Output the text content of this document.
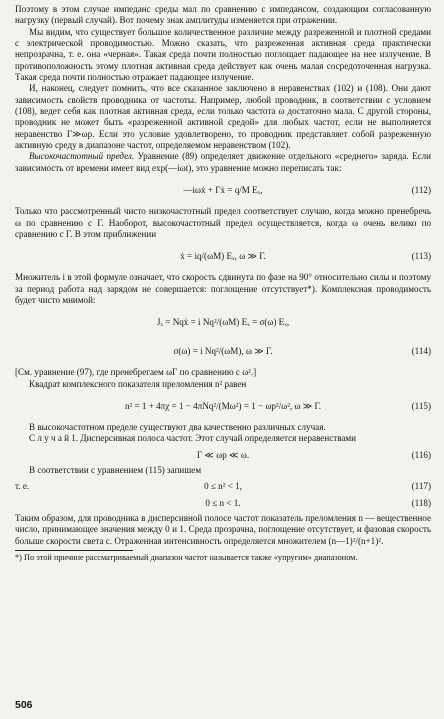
Поэтому в этом случае импеданс среды мал по сравнению с импедансом, создающим согласованную нагрузку (первый случай). Вот почему знак амплитуды изменяется при отражении.

Мы видим, что существует большое количественное различие между разреженной и плотной средами с электрической проводимостью. Можно сказать, что разреженная активная среда практически непрозрачна, т. е. она «черная». Такая среда почти полностью поглощает падающее на нее излучение. В противоположность этому плотная активная среда действует как очень малая сосредоточенная нагрузка. Такая среда почти полностью отражает падающее излучение.

И, наконец, следует помнить, что все сказанное заключено в неравенствах (102) и (108). Они дают зависимость свойств проводника от частоты. Например, любой проводник, в соответствии с условием (108), ведет себя как плотная активная среда, если только частота ω достаточно мала. С другой стороны, проводник не может быть «разреженной активной средой» для любых частот, если не выполняется неравенство Г≫ωp. Если это условие удовлетворено, то проводник представляет собой разреженную активную среду в диапазоне частот, определяемом неравенством (102).

Высокочастотный предел. Уравнение (89) определяет движение отдельного «среднего» заряда. Если зависимость от времени имеет вид exp(—iωt), это уравнение можно переписать так:

—iωẋ + Гẋ = q/M Eₓ,	(112)

Только что рассмотренный чисто низкочастотный предел соответствует случаю, когда можно пренебречь ω по сравнению с Г. Наоборот, высокочастотный предел осуществляется, когда ω очень велико по сравнению с Г. В этом приближении

ẋ = iq/(ωM) Eₓ, ω ≫ Г.	(113)

Множитель i в этой формуле означает, что скорость сдвинута по фазе на 90° относительно силы и поэтому за период работа над зарядом не совершается: поглощение отсутствует*). Комплексная проводимость будет чисто мнимой:

Jₓ = Nqẋ = i Nq²/(ωM) Eₓ = σ(ω) Eₓ,
σ(ω) = i Nq²/(ωM), ω ≫ Г.	(114)

[См. уравнение (97), где пренебрегаем ωГ по сравнению с ω².]

Квадрат комплексного показателя преломления n² равен

n² = 1 + 4πχ = 1 − 4πNq²/(Mω²) = 1 − ωp²/ω², ω ≫ Г.	(115)

В высокочастотном пределе существуют два качественно различных случая.

С л у ч а й 1. Дисперсивная полоса частот. Этот случай определяется неравенствами

Г ≪ ωp ≪ ω.	(116)

В соответствии с уравнением (115) запишем

т. е.	0 ≤ n² < 1,	(117)
0 ≤ n < 1.	(118)

Таким образом, для проводника в дисперсивной полосе частот показатель преломления n — вещественное число, принимающее значения между 0 и 1. Среда прозрачна, поглощение отсутствует, и фазовая скорость больше скорости света c. Отраженная интенсивность определяется множителем (n—1)²/(n+1)².

*) По этой причине рассматриваемый диапазон частот называется также «упругим» диапазоном.

506
